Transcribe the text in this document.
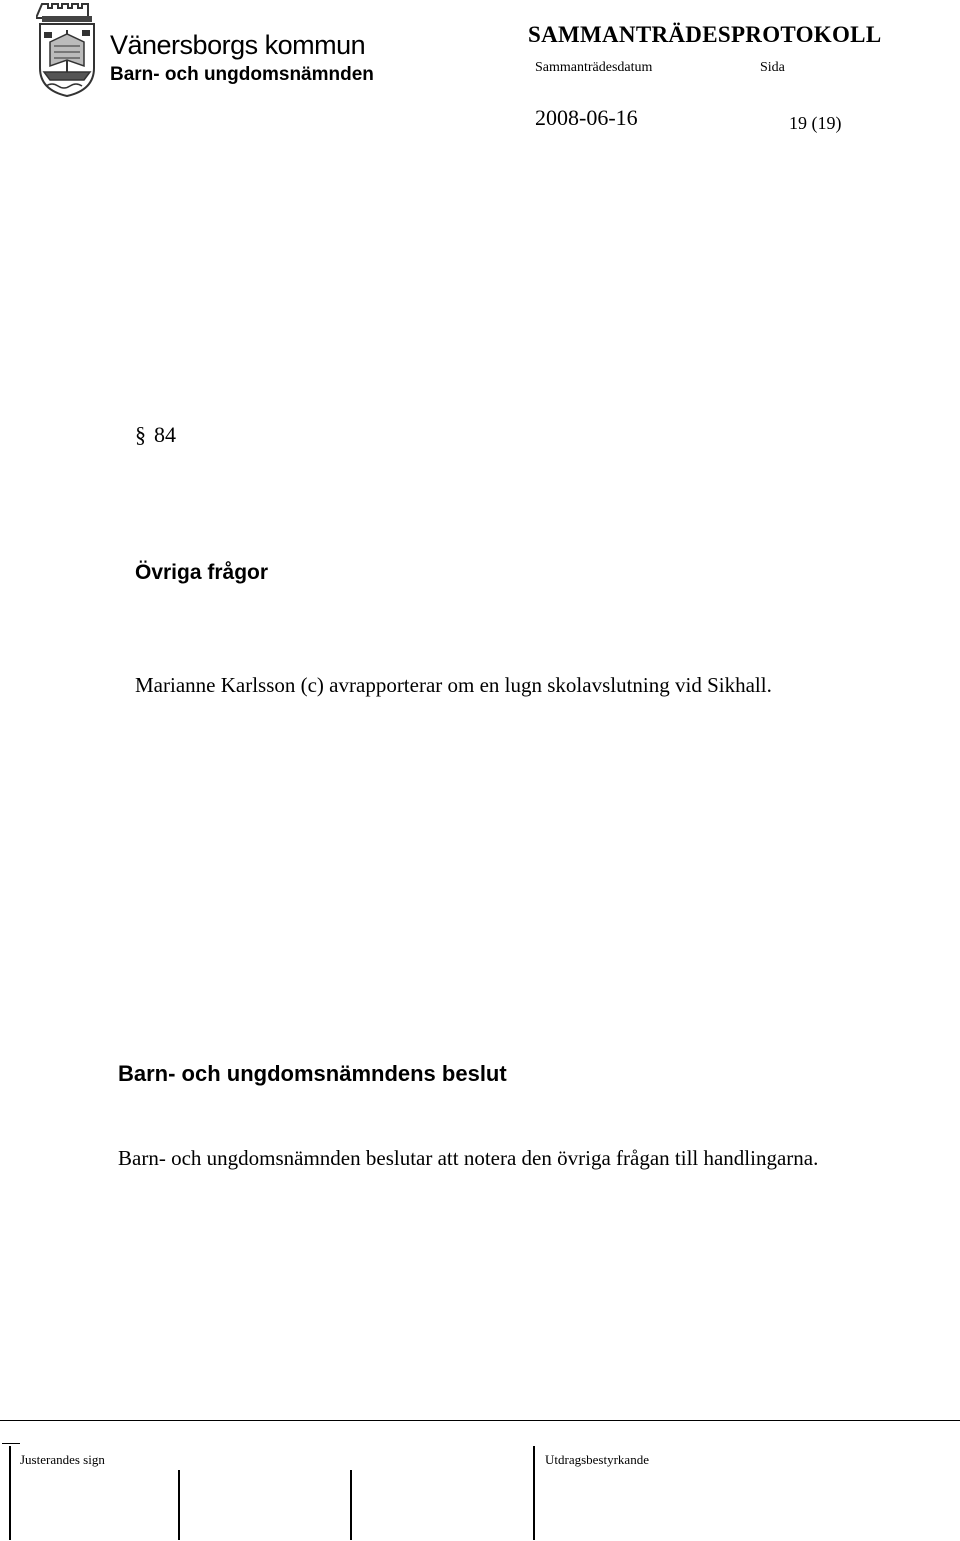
Vänersborgs kommun
Barn- och ungdomsnämnden
SAMMANTRÄDESPROTOKOLL
Sammanträdesdatum	Sida
2008-06-16	19 (19)
§ 84
Övriga frågor
Marianne Karlsson (c) avrapporterar om en lugn skolavslutning vid Sikhall.
Barn- och ungdomsnämndens beslut
Barn- och ungdomsnämnden beslutar att notera den övriga frågan till handlingarna.
Justerandes sign	Utdragsbestyrkande
